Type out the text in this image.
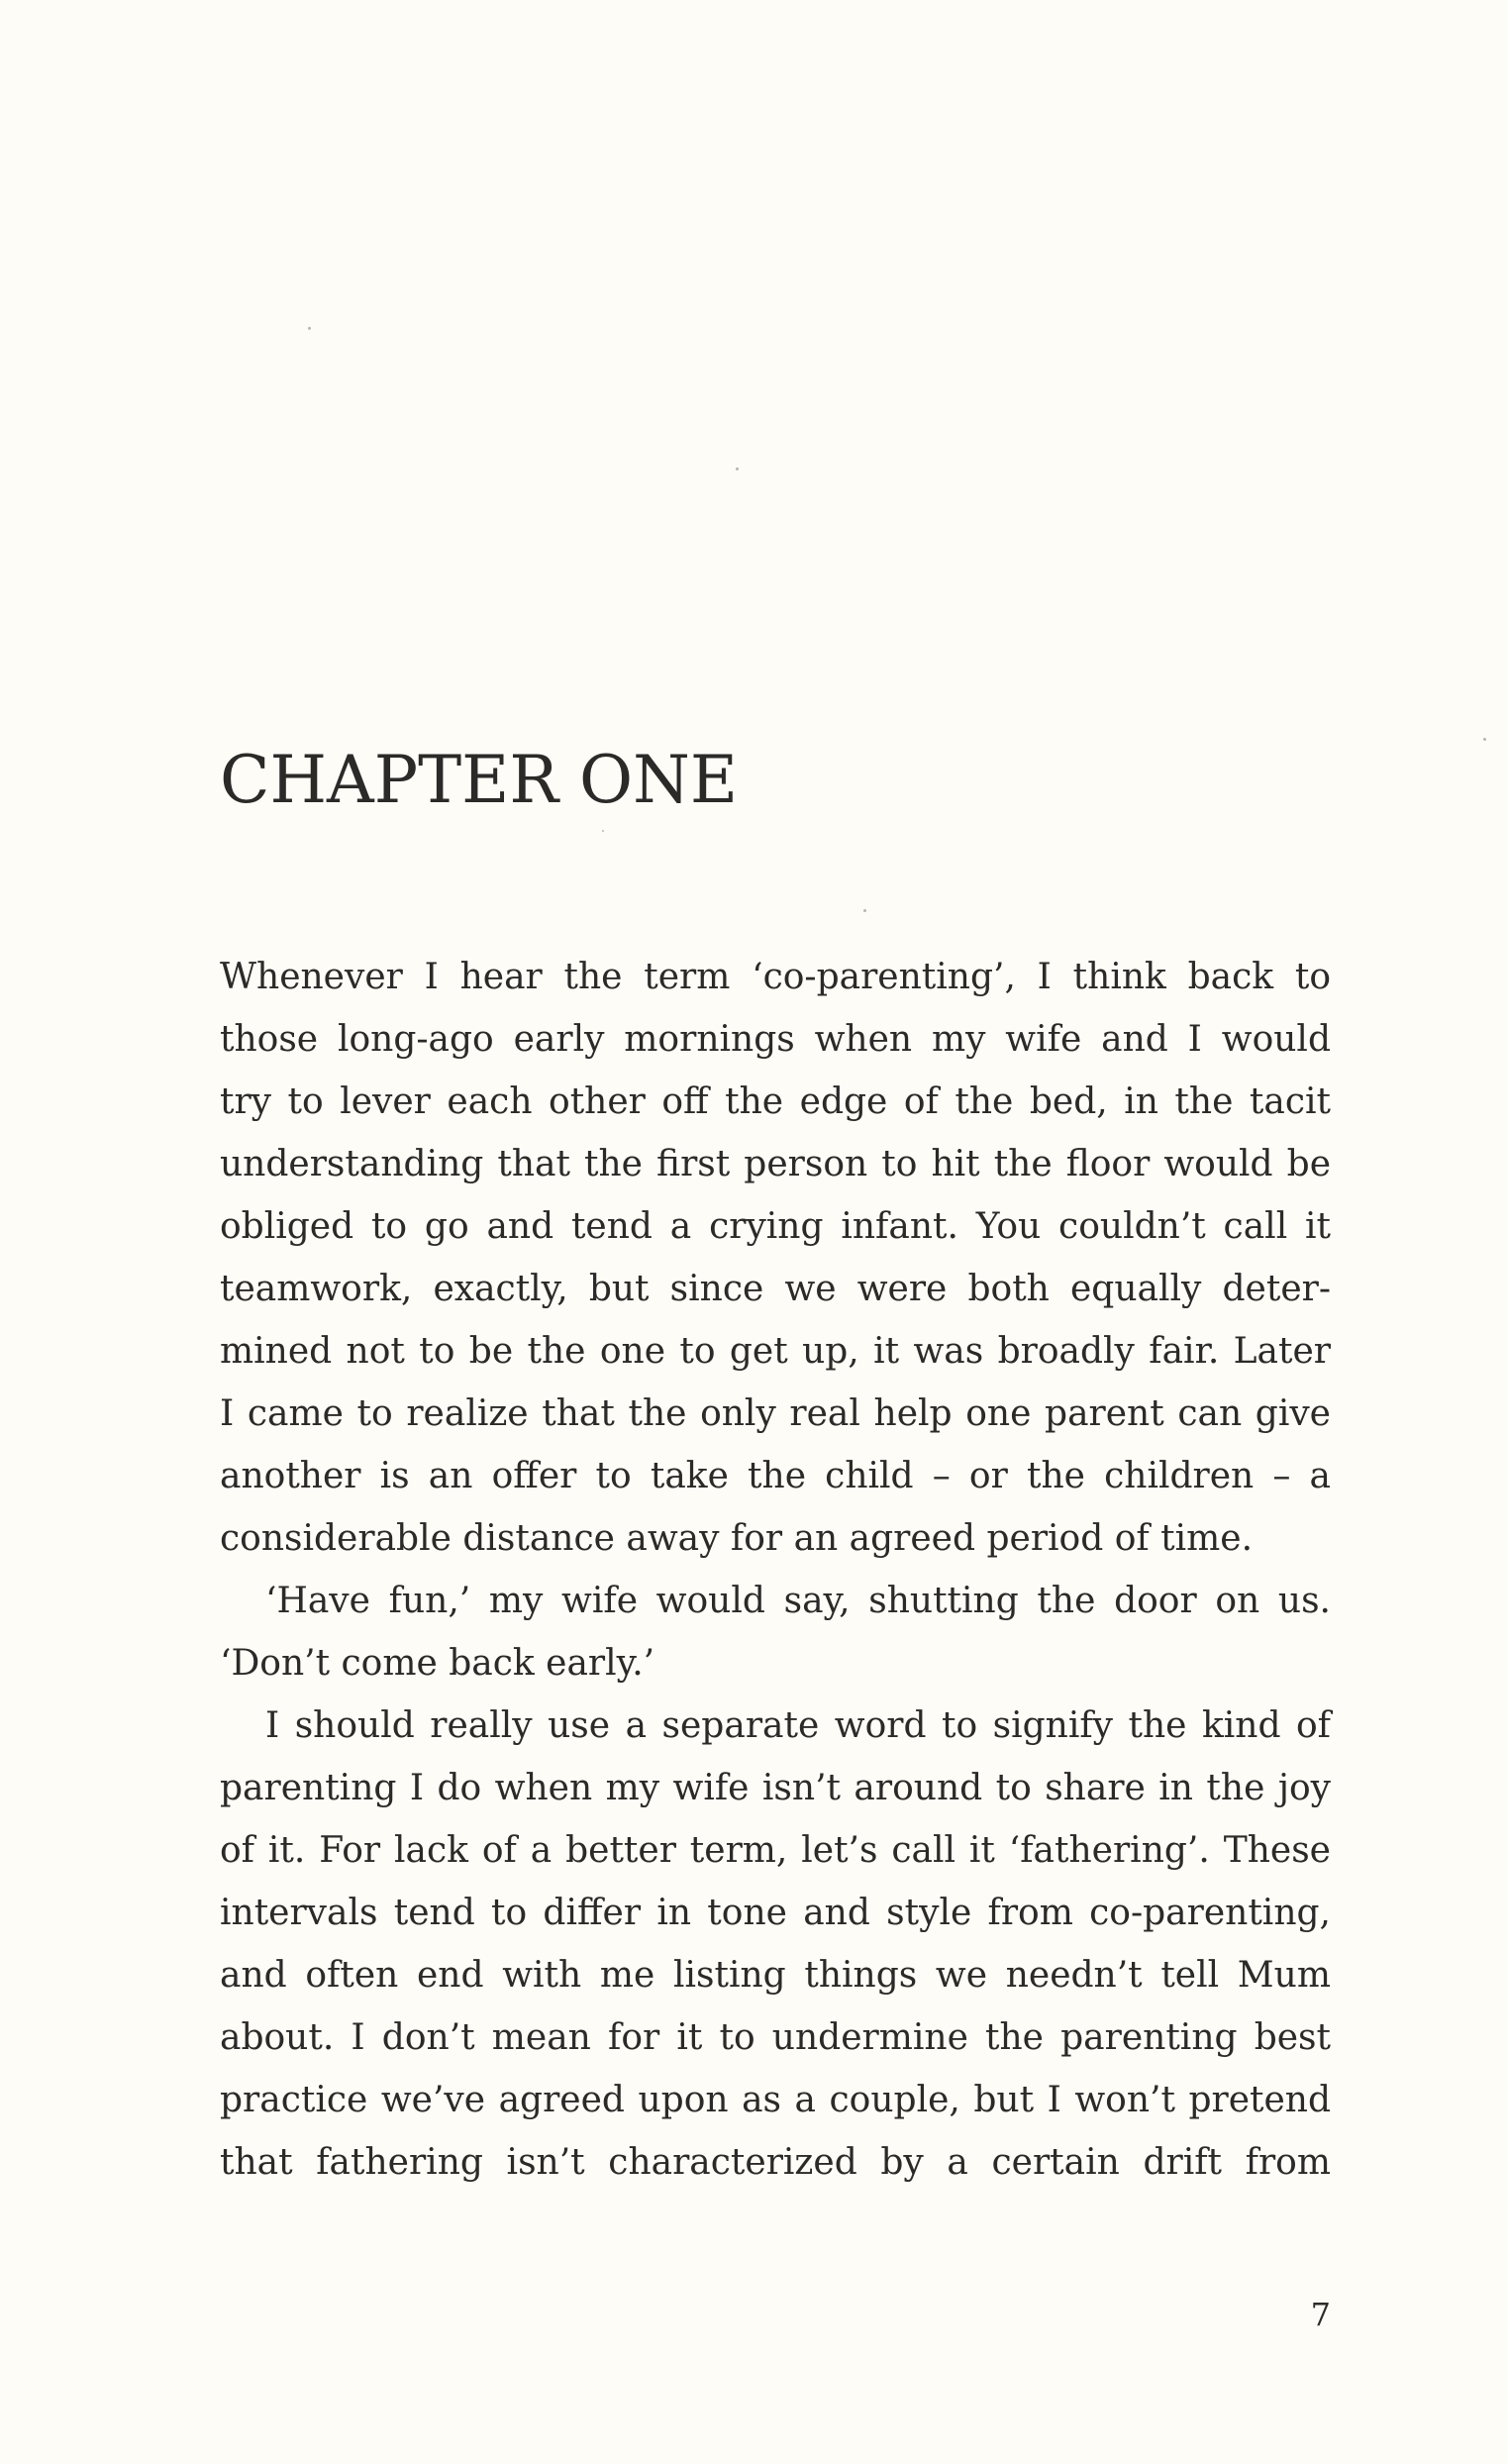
CHAPTER ONE

Whenever I hear the term ‘co-parenting’, I think back to
those long-ago early mornings when my wife and I would
try to lever each other off the edge of the bed, in the tacit
understanding that the first person to hit the floor would be
obliged to go and tend a crying infant. You couldn’t call it
teamwork, exactly, but since we were both equally deter-
mined not to be the one to get up, it was broadly fair. Later
I came to realize that the only real help one parent can give
another is an offer to take the child – or the children – a
considerable distance away for an agreed period of time.

‘Have fun,’ my wife would say, shutting the door on us.
‘Don’t come back early.’

I should really use a separate word to signify the kind of
parenting I do when my wife isn’t around to share in the joy
of it. For lack of a better term, let’s call it ‘fathering’. These
intervals tend to differ in tone and style from co-parenting,
and often end with me listing things we needn’t tell Mum
about. I don’t mean for it to undermine the parenting best
practice we’ve agreed upon as a couple, but I won’t pretend
that fathering isn’t characterized by a certain drift from

7
